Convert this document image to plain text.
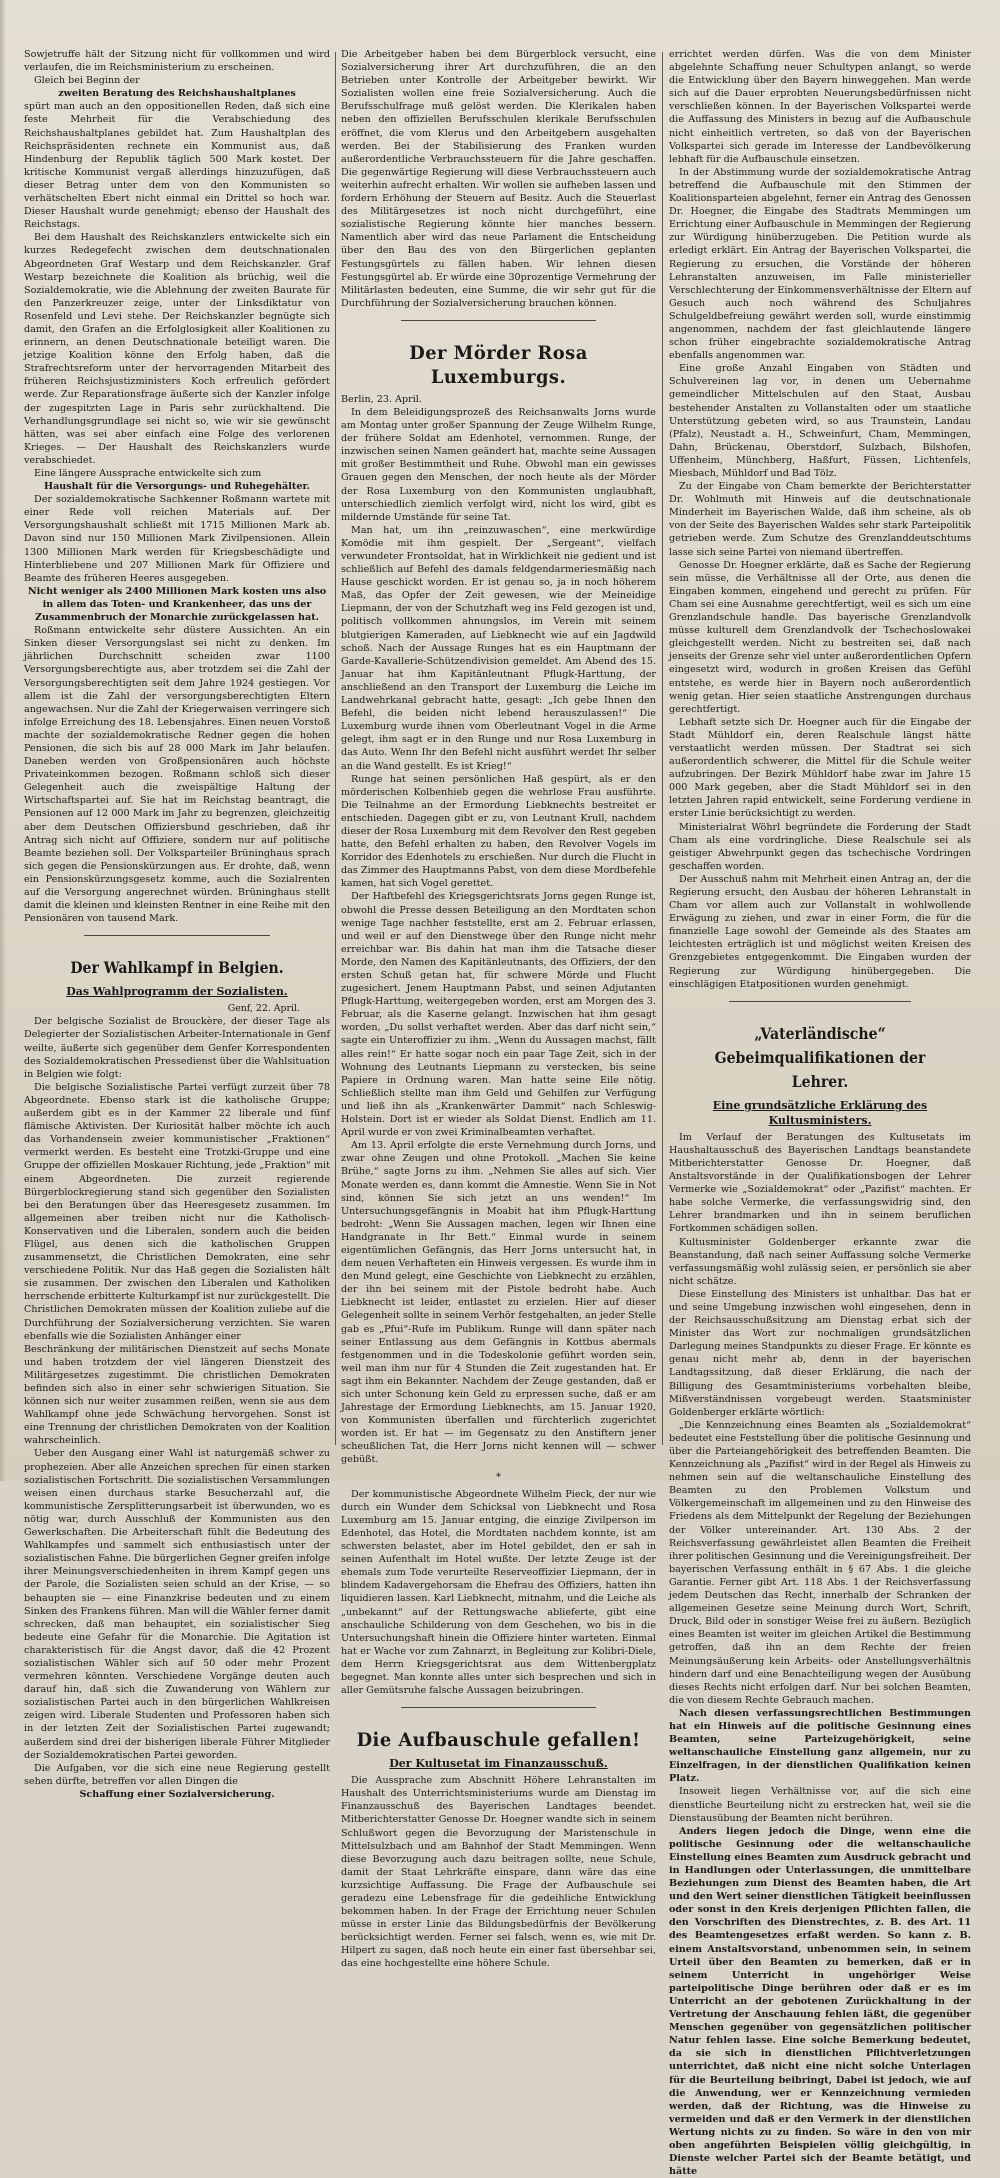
Sowjetruffe hält der Sitzung nicht für vollkommen und wird verlaufen, die im Reichsministerium zu erscheinen.

Gleich bei Beginn der

zweiten Beratung des Reichshaushaltplanes

spürt man auch an den oppositionellen Reden, daß sich eine feste Mehrheit für die Verabschiedung des Reichshaushaltplanes gebildet hat. Zum Haushaltplan des Reichspräsidenten rechnete ein Kommunist aus, daß Hindenburg der Republik täglich 500 Mark kostet. Der kritische Kommunist vergaß allerdings hinzuzufügen, daß dieser Betrag unter dem von den Kommunisten so verhätschelten Ebert nicht einmal ein Drittel so hoch war. Dieser Haushalt wurde genehmigt; ebenso der Haushalt des Reichstags.

Bei dem Haushalt des Reichskanzlers entwickelte sich ein kurzes Redegefecht zwischen dem deutschnationalen Abgeordneten Graf Westarp und dem Reichskanzler. Graf Westarp bezeichnete die Koalition als brüchig, weil die Sozialdemokratie, wie die Ablehnung der zweiten Baurate für den Panzerkreuzer zeige, unter der Linksdiktatur von Rosenfeld und Levi stehe. Der Reichskanzler begnügte sich damit, den Grafen an die Erfolglosigkeit aller Koalitionen zu erinnern, an denen Deutschnationale beteiligt waren. Die jetzige Koalition könne den Erfolg haben, daß die Strafrechtsreform unter der hervorragenden Mitarbeit des früheren Reichsjustizministers Koch erfreulich gefördert werde. Zur Reparationsfrage äußerte sich der Kanzler infolge der zugespitzten Lage in Paris sehr zurückhaltend. Die Verhandlungsgrundlage sei nicht so, wie wir sie gewünscht hätten, was sei aber einfach eine Folge des verlorenen Krieges. — Der Haushalt des Reichskanzlers wurde verabschiedet.

Eine längere Aussprache entwickelte sich zum

Haushalt für die Versorgungs- und Ruhegehälter.

Der sozialdemokratische Sachkenner Roßmann wartete mit einer Rede voll reichen Materials auf. Der Versorgungshaushalt schließt mit 1715 Millionen Mark ab. Davon sind nur 150 Millionen Mark Zivilpensionen. Allein 1300 Millionen Mark werden für Kriegsbeschädigte und Hinterbliebene und 207 Millionen Mark für Offiziere und Beamte des früheren Heeres ausgegeben.

Nicht weniger als 2400 Millionen Mark kosten uns also in allem das Toten- und Krankenheer, das uns der Zusammenbruch der Monarchie zurückgelassen hat.

Roßmann entwickelte sehr düstere Aussichten. An ein Sinken dieser Versorgungslast sei nicht zu denken. Im jährlichen Durchschnitt scheiden zwar 1100 Versorgungsberechtigte aus, aber trotzdem sei die Zahl der Versorgungsberechtigten seit dem Jahre 1924 gestiegen. Vor allem ist die Zahl der versorgungsberechtigten Eltern angewachsen. Nur die Zahl der Kriegerwaisen verringere sich infolge Erreichung des 18. Lebensjahres. Einen neuen Vorstoß machte der sozialdemokratische Redner gegen die hohen Pensionen, die sich bis auf 28 000 Mark im Jahr belaufen. Daneben werden von Großpensionären auch höchste Privateinkommen bezogen. Roßmann schloß sich dieser Gelegenheit auch die zweispältige Haltung der Wirtschaftspartei auf. Sie hat im Reichstag beantragt, die Pensionen auf 12 000 Mark im Jahr zu begrenzen, gleichzeitig aber dem Deutschen Offiziersbund geschrieben, daß ihr Antrag sich nicht auf Offiziere, sondern nur auf politische Beamte beziehen soll. Der Volksparteiler Brüninghaus sprach sich gegen die Pensionskürzungen aus. Er drohte, daß, wenn ein Pensionskürzungsgesetz komme, auch die Sozialrenten auf die Versorgung angerechnet würden. Brüninghaus stellt damit die kleinen und kleinsten Rentner in eine Reihe mit den Pensionären von tausend Mark.

Der Wahlkampf in Belgien.
Das Wahlprogramm der Sozialisten.
Genf, 22. April.

Der belgische Sozialist de Brouckère, der dieser Tage als Delegierter der Sozialistischen Arbeiter-Internationale in Genf weilte, äußerte sich gegenüber dem Genfer Korrespondenten des Sozialdemokratischen Pressedienst über die Wahlsituation in Belgien wie folgt:

Die belgische Sozialistische Partei verfügt zurzeit über 78 Abgeordnete. Ebenso stark ist die katholische Gruppe; außerdem gibt es in der Kammer 22 liberale und fünf flämische Aktivisten. Der Kuriosität halber möchte ich auch das Vorhandensein zweier kommunistischer „Fraktionen“ vermerkt werden. Es besteht eine Trotzki-Gruppe und eine Gruppe der offiziellen Moskauer Richtung, jede „Fraktion“ mit einem Abgeordneten. Die zurzeit regierende Bürgerblockregierung stand sich gegenüber den Sozialisten bei den Beratungen über das Heeresgesetz zusammen. Im allgemeinen aber treiben nicht nur die Katholisch-Konservativen und die Liberalen, sondern auch die beiden Flügel, aus denen sich die katholischen Gruppen zusammensetzt, die Christlichen Demokraten, eine sehr verschiedene Politik. Nur das Haß gegen die Sozialisten hält sie zusammen. Der zwischen den Liberalen und Katholiken herrschende erbitterte Kulturkampf ist nur zurückgestellt. Die Christlichen Demokraten müssen der Koalition zuliebe auf die Durchführung der Sozialversicherung verzichten. Sie waren ebenfalls wie die Sozialisten Anhänger einer

Beschränkung der militärischen Dienstzeit auf sechs Monate und haben trotzdem der viel längeren Dienstzeit des Militärgesetzes zugestimmt. Die christlichen Demokraten befinden sich also in einer sehr schwierigen Situation. Sie können sich nur weiter zusammen reißen, wenn sie aus dem Wahlkampf ohne jede Schwächung hervorgehen. Sonst ist eine Trennung der christlichen Demokraten von der Koalition wahrscheinlich.

Ueber den Ausgang einer Wahl ist naturgemäß schwer zu prophezeien. Aber alle Anzeichen sprechen für einen starken sozialistischen Fortschritt. Die sozialistischen Versammlungen weisen einen durchaus starke Besucherzahl auf, die kommunistische Zersplitterungsarbeit ist überwunden, wo es nötig war, durch Ausschluß der Kommunisten aus den Gewerkschaften. Die Arbeiterschaft fühlt die Bedeutung des Wahlkampfes und sammelt sich enthusiastisch unter der sozialistischen Fahne. Die bürgerlichen Gegner greifen infolge ihrer Meinungsverschiedenheiten in ihrem Kampf gegen uns der Parole, die Sozialisten seien schuld an der Krise, — so behaupten sie — eine Finanzkrise bedeuten und zu einem Sinken des Frankens führen. Man will die Wähler ferner damit schrecken, daß man behauptet, ein sozialistischer Sieg bedeute eine Gefahr für die Monarchie. Die Agitation ist charakteristisch für die Angst davor, daß die 42 Prozent sozialistischen Wähler sich auf 50 oder mehr Prozent vermehren könnten. Verschiedene Vorgänge deuten auch darauf hin, daß sich die Zuwanderung von Wählern zur sozialistischen Partei auch in den bürgerlichen Wahlkreisen zeigen wird. Liberale Studenten und Professoren haben sich in der letzten Zeit der Sozialistischen Partei zugewandt; außerdem sind drei der bisherigen liberale Führer Mitglieder der Sozialdemokratischen Partei geworden.

Die Aufgaben, vor die sich eine neue Regierung gestellt sehen dürfte, betreffen vor allen Dingen die

Schaffung einer Sozialversicherung.

Die Arbeitgeber haben bei dem Bürgerblock versucht, eine Sozialversicherung ihrer Art durchzuführen, die an den Betrieben unter Kontrolle der Arbeitgeber bewirkt. Wir Sozialisten wollen eine freie Sozialversicherung. Auch die Berufsschulfrage muß gelöst werden. Die Klerikalen haben neben den offiziellen Berufsschulen klerikale Berufsschulen eröffnet, die vom Klerus und den Arbeitgebern ausgehalten werden. Bei der Stabilisierung des Franken wurden außerordentliche Verbrauchssteuern für die Jahre geschaffen. Die gegenwärtige Regierung will diese Verbrauchssteuern auch weiterhin aufrecht erhalten. Wir wollen sie aufheben lassen und fordern Erhöhung der Steuern auf Besitz. Auch die Steuerlast des Militärgesetzes ist noch nicht durchgeführt, eine sozialistische Regierung könnte hier manches bessern. Namentlich aber wird das neue Parlament die Entscheidung über den Bau des von den Bürgerlichen geplanten Festungsgürtels zu fällen haben. Wir lehnen diesen Festungsgürtel ab. Er würde eine 30prozentige Vermehrung der Militärlasten bedeuten, eine Summe, die wir sehr gut für die Durchführung der Sozialversicherung brauchen können.

Der Mörder Rosa Luxemburgs.

Berlin, 23. April.

In dem Beleidigungsprozeß des Reichsanwalts Jorns wurde am Montag unter großer Spannung der Zeuge Wilhelm Runge, der frühere Soldat am Edenhotel, vernommen. Runge, der inzwischen seinen Namen geändert hat, machte seine Aussagen mit großer Bestimmtheit und Ruhe. Obwohl man ein gewisses Grauen gegen den Menschen, der noch heute als der Mörder der Rosa Luxemburg von den Kommunisten unglaubhaft, unterschiedlich ziemlich verfolgt wird, nicht los wird, gibt es mildernde Umstände für seine Tat.

Man hat, um ihn „reinzuwaschen“, eine merkwürdige Komödie mit ihm gespielt. Der „Sergeant“, vielfach verwundeter Frontsoldat, hat in Wirklichkeit nie gedient und ist schließlich auf Befehl des damals feldgendarmeriesmäßig nach Hause geschickt worden. Er ist genau so, ja in noch höherem Maß, das Opfer der Zeit gewesen, wie der Meineidige Liepmann, der von der Schutzhaft weg ins Feld gezogen ist und, politisch vollkommen ahnungslos, im Verein mit seinem blutgierigen Kameraden, auf Liebknecht wie auf ein Jagdwild schoß. Nach der Aussage Runges hat es ein Hauptmann der Garde-Kavallerie-Schützendivision gemeldet. Am Abend des 15. Januar hat ihm Kapitänleutnant Pflugk-Harttung, der anschließend an den Transport der Luxemburg die Leiche im Landwehrkanal gebracht hatte, gesagt: „Ich gebe Ihnen den Befehl, die beiden nicht lebend herauszulassen!“ Die Luxemburg wurde ihnen vom Oberleutnant Vogel in die Arme gelegt, ihm sagt er in den Runge und nur Rosa Luxemburg in das Auto. Wenn Ihr den Befehl nicht ausführt werdet Ihr selber an die Wand gestellt. Es ist Krieg!“

Runge hat seinen persönlichen Haß gespürt, als er den mörderischen Kolbenhieb gegen die wehrlose Frau ausführte. Die Teilnahme an der Ermordung Liebknechts bestreitet er entschieden. Dagegen gibt er zu, von Leutnant Krull, nachdem dieser der Rosa Luxemburg mit dem Revolver den Rest gegeben hatte, den Befehl erhalten zu haben, den Revolver Vogels im Korridor des Edenhotels zu erschießen. Nur durch die Flucht in das Zimmer des Hauptmanns Pabst, von dem diese Mordbefehle kamen, hat sich Vogel gerettet.

Der Haftbefehl des Kriegsgerichtsrats Jorns gegen Runge ist, obwohl die Presse dessen Beteiligung an den Mordtaten schon wenige Tage nachher feststellte, erst am 2. Februar erlassen, und weil er auf den Dienstwege über den Runge nicht mehr erreichbar war. Bis dahin hat man ihm die Tatsache dieser Morde, den Namen des Kapitänleutnants, des Offiziers, der den ersten Schuß getan hat, für schwere Mörde und Flucht zugesichert. Jenem Hauptmann Pabst, und seinen Adjutanten Pflugk-Harttung, weitergegeben worden, erst am Morgen des 3. Februar, als die Kaserne gelangt. Inzwischen hat ihm gesagt worden, „Du sollst verhaftet werden. Aber das darf nicht sein,“ sagte ein Unteroffizier zu ihm. „Wenn du Aussagen machst, fällt alles rein!“ Er hatte sogar noch ein paar Tage Zeit, sich in der Wohnung des Leutnants Liepmann zu verstecken, bis seine Papiere in Ordnung waren. Man hatte seine Eile nötig. Schließlich stellte man ihm Geld und Gehilfen zur Verfügung und ließ ihn als „Krankenwärter Dammit“ nach Schleswig-Holstein. Dort ist er wieder als Soldat Dienst. Endlich am 11. April wurde er von zwei Kriminalbeamten verhaftet.

Am 13. April erfolgte die erste Vernehmung durch Jorns, und zwar ohne Zeugen und ohne Protokoll. „Machen Sie keine Brühe,“ sagte Jorns zu ihm. „Nehmen Sie alles auf sich. Vier Monate werden es, dann kommt die Amnestie. Wenn Sie in Not sind, können Sie sich jetzt an uns wenden!“ Im Untersuchungsgefängnis in Moabit hat ihm Pflugk-Harttung bedroht: „Wenn Sie Aussagen machen, legen wir Ihnen eine Handgranate in Ihr Bett.“ Einmal wurde in seinem eigentümlichen Gefängnis, das Herr Jorns untersucht hat, in dem neuen Verhafteten ein Hinweis vergessen. Es wurde ihm in den Mund gelegt, eine Geschichte von Liebknecht zu erzählen, der ihn bei seinem mit der Pistole bedroht habe. Auch Liebknecht ist leider, entlastet zu erzielen. Hier auf dieser Gelegenheit sollte in seinem Verhör festgehalten, an jeder Stelle gab es „Pfui“-Rufe im Publikum. Runge will dann später nach seiner Entlassung aus dem Gefängnis in Kottbus abermals festgenommen und in die Todeskolonie geführt worden sein, weil man ihm nur für 4 Stunden die Zeit zugestanden hat. Er sagt ihm ein Bekannter. Nachdem der Zeuge gestanden, daß er sich unter Schonung kein Geld zu erpressen suche, daß er am Jahrestage der Ermordung Liebknechts, am 15. Januar 1920, von Kommunisten überfallen und fürchterlich zugerichtet worden ist. Er hat — im Gegensatz zu den Anstiftern jener scheußlichen Tat, die Herr Jorns nicht kennen will — schwer gebüßt.

*

Der kommunistische Abgeordnete Wilhelm Pieck, der nur wie durch ein Wunder dem Schicksal von Liebknecht und Rosa Luxemburg am 15. Januar entging, die einzige Zivilperson im Edenhotel, das Hotel, die Mordtaten nachdem konnte, ist am schwersten belastet, aber im Hotel gebildet, den er sah in seinen Aufenthalt im Hotel wußte. Der letzte Zeuge ist der ehemals zum Tode verurteilte Reserveoffizier Liepmann, der in blindem Kadavergehorsam die Ehefrau des Offiziers, hatten ihn liquidieren lassen. Karl Liebknecht, mitnahm, und die Leiche als „unbekannt“ auf der Rettungswache ablieferte, gibt eine anschauliche Schilderung von dem Geschehen, wo bis in die Untersuchungshaft hinein die Offiziere hinter warteten. Einmal hat er Wache vor zum Zahnarzt, in Begleitung zur Kolibri-Diele, dem Herrn Kriegsgerichtsrat aus dem Wittenbergplatz begegnet. Man konnte alles unter sich besprechen und sich in aller Gemütsruhe falsche Aussagen beizubringen.

Die Aufbauschule gefallen!
Der Kultusetat im Finanzausschuß.

Die Aussprache zum Abschnitt Höhere Lehranstalten im Haushalt des Unterrichtsministeriums wurde am Dienstag im Finanzausschuß des Bayerischen Landtages beendet. Mitberichterstatter Genosse Dr. Hoegner wandte sich in seinem Schlußwort gegen die Bevorzugung der Maristenschule in Mittelsulzbach und am Bahnhof der Stadt Memmingen. Wenn diese Bevorzugung auch dazu beitragen sollte, neue Schule, damit der Staat Lehrkräfte einspare, dann wäre das eine kurzsichtige Auffassung. Die Frage der Aufbauschule sei geradezu eine Lebensfrage für die gedeihliche Entwicklung bekommen haben. In der Frage der Errichtung neuer Schulen müsse in erster Linie das Bildungsbedürfnis der Bevölkerung berücksichtigt werden. Ferner sei falsch, wenn es, wie mit Dr. Hilpert zu sagen, daß noch heute ein einer fast übersehbar sei, das eine hochgestellte eine höhere Schule.

errichtet werden dürfen. Was die von dem Minister abgelehnte Schaffung neuer Schultypen anlangt, so werde die Entwicklung über den Bayern hinweggehen. Man werde sich auf die Dauer erprobten Neuerungsbedürfnissen nicht verschließen können. In der Bayerischen Volkspartei werde die Auffassung des Ministers in bezug auf die Aufbauschule nicht einheitlich vertreten, so daß von der Bayerischen Volkspartei sich gerade im Interesse der Landbevölkerung lebhaft für die Aufbauschule einsetzen.

In der Abstimmung wurde der sozialdemokratische Antrag betreffend die Aufbauschule mit den Stimmen der Koalitionsparteien abgelehnt, ferner ein Antrag des Genossen Dr. Hoegner, die Eingabe des Stadtrats Memmingen um Errichtung einer Aufbauschule in Memmingen der Regierung zur Würdigung hinüberzugeben. Die Petition wurde als erledigt erklärt. Ein Antrag der Bayerischen Volkspartei, die Regierung zu ersuchen, die Vorstände der höheren Lehranstalten anzuweisen, im Falle ministerieller Verschlechterung der Einkommensverhältnisse der Eltern auf Gesuch auch noch während des Schuljahres Schulgeldbefreiung gewährt werden soll, wurde einstimmig angenommen, nachdem der fast gleichlautende längere schon früher eingebrachte sozialdemokratische Antrag ebenfalls angenommen war.

Eine große Anzahl Eingaben von Städten und Schulvereinen lag vor, in denen um Uebernahme gemeindlicher Mittelschulen auf den Staat, Ausbau bestehender Anstalten zu Vollanstalten oder um staatliche Unterstützung gebeten wird, so aus Traunstein, Landau (Pfalz), Neustadt a. H., Schweinfurt, Cham, Memmingen, Dahn, Brückenau, Oberstdorf, Sulzbach, Bilshofen, Uffenheim, Münchberg, Haßfurt, Füssen, Lichtenfels, Miesbach, Mühldorf und Bad Tölz.

Zu der Eingabe von Cham bemerkte der Berichterstatter Dr. Wohlmuth mit Hinweis auf die deutschnationale Minderheit im Bayerischen Walde, daß ihm scheine, als ob von der Seite des Bayerischen Waldes sehr stark Parteipolitik getrieben werde. Zum Schutze des Grenzlanddeutschtums lasse sich seine Partei von niemand übertreffen.

Genosse Dr. Hoegner erklärte, daß es Sache der Regierung sein müsse, die Verhältnisse all der Orte, aus denen die Eingaben kommen, eingehend und gerecht zu prüfen. Für Cham sei eine Ausnahme gerechtfertigt, weil es sich um eine Grenzlandschule handle. Das bayerische Grenzlandvolk müsse kulturell dem Grenzlandvolk der Tschechoslowakei gleichgestellt werden. Nicht zu bestreiten sei, daß nach jenseits der Grenze sehr viel unter außerordentlichen Opfern eingesetzt wird, wodurch in großen Kreisen das Gefühl entstehe, es werde hier in Bayern noch außerordentlich wenig getan. Hier seien staatliche Anstrengungen durchaus gerechtfertigt.

Lebhaft setzte sich Dr. Hoegner auch für die Eingabe der Stadt Mühldorf ein, deren Realschule längst hätte verstaatlicht werden müssen. Der Stadtrat sei sich außerordentlich schwerer, die Mittel für die Schule weiter aufzubringen. Der Bezirk Mühldorf habe zwar im Jahre 15 000 Mark gegeben, aber die Stadt Mühldorf sei in den letzten Jahren rapid entwickelt, seine Forderung verdiene in erster Linie berücksichtigt zu werden.

Ministerialrat Wöhrl begründete die Forderung der Stadt Cham als eine vordringliche. Diese Realschule sei als geistiger Abwehrpunkt gegen das tschechische Vordringen geschaffen worden.

Der Ausschuß nahm mit Mehrheit einen Antrag an, der die Regierung ersucht, den Ausbau der höheren Lehranstalt in Cham vor allem auch zur Vollanstalt in wohlwollende Erwägung zu ziehen, und zwar in einer Form, die für die finanzielle Lage sowohl der Gemeinde als des Staates am leichtesten erträglich ist und möglichst weiten Kreisen des Grenzgebietes entgegenkommt. Die Eingaben wurden der Regierung zur Würdigung hinübergegeben. Die einschlägigen Etatpositionen wurden genehmigt.

„Vaterländische“ Gebeimqualifikationen der Lehrer.
Eine grundsätzliche Erklärung des Kultusministers.

Im Verlauf der Beratungen des Kultusetats im Haushaltausschuß des Bayerischen Landtags beanstandete Mitberichterstatter Genosse Dr. Hoegner, daß Anstaltsvorstände in der Qualifikationsbogen der Lehrer Vermerke wie „Sozialdemokrat“ oder „Pazifist“ machten. Er habe solche Vermerke, die verfassungswidrig sind, den Lehrer brandmarken und ihn in seinem beruflichen Fortkommen schädigen sollen.

Kultusminister Goldenberger erkannte zwar die Beanstandung, daß nach seiner Auffassung solche Vermerke verfassungsmäßig wohl zulässig seien, er persönlich sie aber nicht schätze.

Diese Einstellung des Ministers ist unhaltbar. Das hat er und seine Umgebung inzwischen wohl eingesehen, denn in der Reichsausschußsitzung am Dienstag erbat sich der Minister das Wort zur nochmaligen grundsätzlichen Darlegung meines Standpunkts zu dieser Frage. Er könnte es genau nicht mehr ab, denn in der bayerischen Landtagssitzung, daß dieser Erklärung, die nach der Billigung des Gesamtministeriums vorbehalten bleibe, Mißverständnissen vorgebeugt werden. Staatsminister Goldenberger erklärte wörtlich:

„Die Kennzeichnung eines Beamten als „Sozialdemokrat“ bedeutet eine Feststellung über die politische Gesinnung und über die Parteiangehörigkeit des betreffenden Beamten. Die Kennzeichnung als „Pazifist“ wird in der Regel als Hinweis zu nehmen sein auf die weltanschauliche Einstellung des Beamten zu den Problemen Volkstum und Völkergemeinschaft im allgemeinen und zu den Hinweise des Friedens als dem Mittelpunkt der Regelung der Beziehungen der Völker untereinander. Art. 130 Abs. 2 der Reichsverfassung gewährleistet allen Beamten die Freiheit ihrer politischen Gesinnung und die Vereinigungsfreiheit. Der bayerischen Verfassung enthält in § 67 Abs. 1 die gleiche Garantie. Ferner gibt Art. 118 Abs. 1 der Reichsverfassung jedem Deutschen das Recht, innerhalb der Schranken der allgemeinen Gesetze seine Meinung durch Wort, Schrift, Druck, Bild oder in sonstiger Weise frei zu äußern. Bezüglich eines Beamten ist weiter im gleichen Artikel die Bestimmung getroffen, daß ihn an dem Rechte der freien Meinungsäußerung kein Arbeits- oder Anstellungsverhältnis hindern darf und eine Benachteiligung wegen der Ausübung dieses Rechts nicht erfolgen darf. Nur bei solchen Beamten, die von diesem Rechte Gebrauch machen.

Nach diesen verfassungsrechtlichen Bestimmungen hat ein Hinweis auf die politische Gesinnung eines Beamten, seine Parteizugehörigkeit, seine weltanschauliche Einstellung ganz allgemein, nur zu Einzelfragen, in der dienstlichen Qualifikation keinen Platz.

Insoweit liegen Verhältnisse vor, auf die sich eine dienstliche Beurteilung nicht zu erstrecken hat, weil sie die Dienstausübung der Beamten nicht berühren.

Anders liegen jedoch die Dinge, wenn eine die politische Gesinnung oder die weltanschauliche Einstellung eines Beamten zum Ausdruck gebracht und in Handlungen oder Unterlassungen, die unmittelbare Beziehungen zum Dienst des Beamten haben, die Art und den Wert seiner dienstlichen Tätigkeit beeinflussen oder sonst in den Kreis derjenigen Pflichten fallen, die den Vorschriften des Dienstrechtes, z. B. des Art. 11 des Beamtengesetzes erfaßt werden. So kann z. B. einem Anstaltsvorstand, unbenommen sein, in seinem Urteil über den Beamten zu bemerken, daß er in seinem Unterricht in ungehöriger Weise parteipolitische Dinge berühren oder daß er es im Unterricht an der gebotenen Zurückhaltung in der Vertretung der Anschauung fehlen läßt, die gegenüber Menschen gegenüber von gegensätzlichen politischer Natur fehlen lasse. Eine solche Bemerkung bedeutet, da sie sich in dienstlichen Pflichtverletzungen unterrichtet, daß nicht eine nicht solche Unterlagen für die Beurteilung beibringt, Dabei ist jedoch, wie auf die Anwendung, wer er Kennzeichnung vermieden werden, daß der Richtung, was die Hinweise zu vermeiden und daß er den Vermerk in der dienstlichen Wertung nichts zu zu finden. So wäre in den von mir oben angeführten Beispielen völlig gleichgültig, in Dienste welcher Partei sich der Beamte betätigt, und hätte
